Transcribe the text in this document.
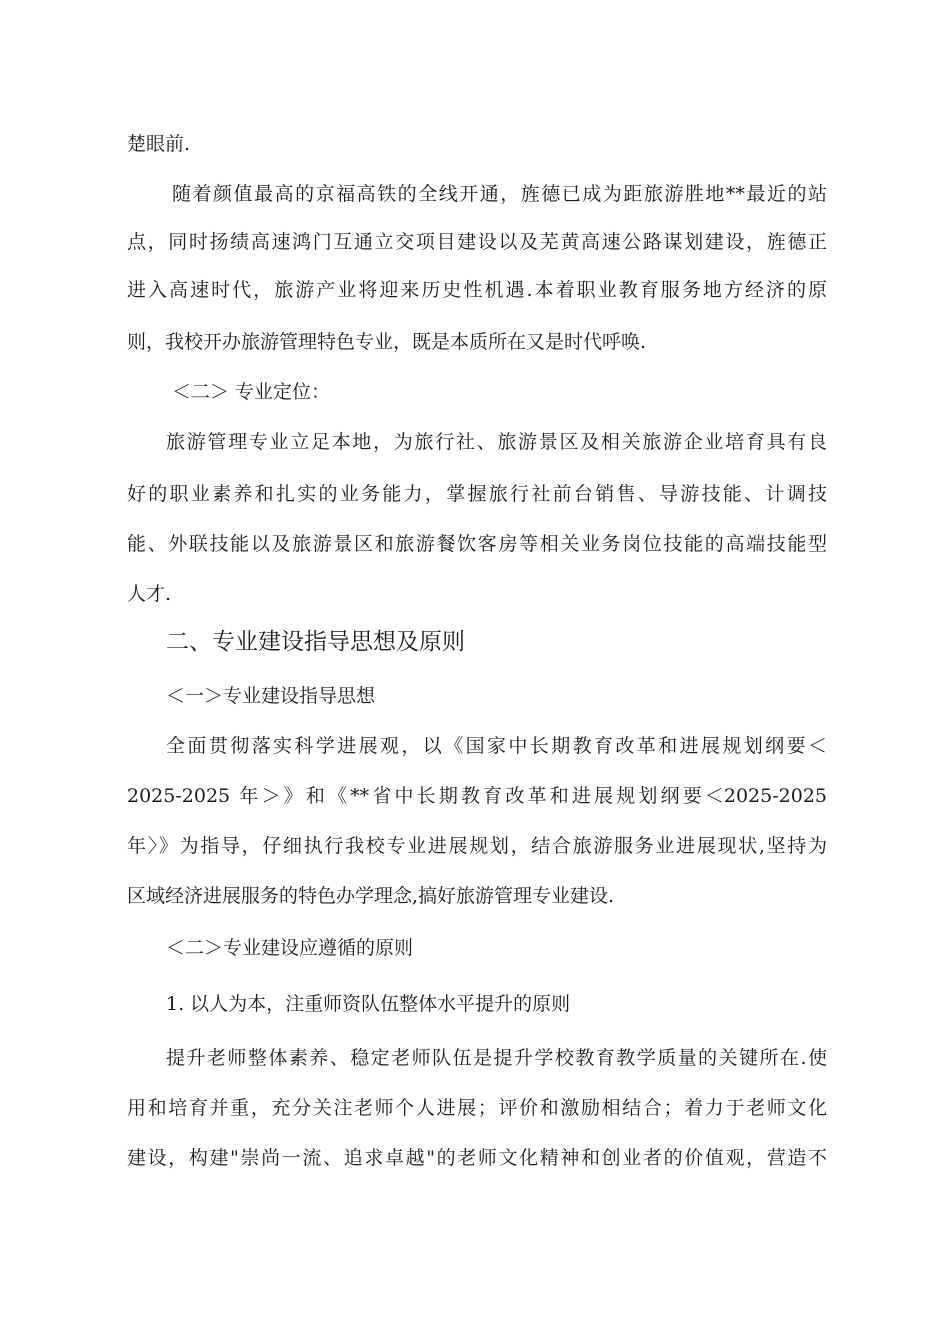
楚眼前.
随着颜值最高的京福高铁的全线开通，旌德已成为距旅游胜地**最近的站
点，同时扬绩高速鸿门互通立交项目建设以及芜黄高速公路谋划建设，旌德正
进入高速时代，旅游产业将迎来历史性机遇.本着职业教育服务地方经济的原
则，我校开办旅游管理特色专业，既是本质所在又是时代呼唤.
＜二＞ 专业定位：
旅游管理专业立足本地，为旅行社、旅游景区及相关旅游企业培育具有良
好的职业素养和扎实的业务能力，掌握旅行社前台销售、导游技能、计调技
能、外联技能以及旅游景区和旅游餐饮客房等相关业务岗位技能的高端技能型
人才.
二、专业建设指导思想及原则
＜一＞专业建设指导思想
全面贯彻落实科学进展观，以《国家中长期教育改革和进展规划纲要＜
2025-2025 年＞》和《**省中长期教育改革和进展规划纲要＜2025-2025
年〉》为指导，仔细执行我校专业进展规划，结合旅游服务业进展现状,坚持为
区域经济进展服务的特色办学理念,搞好旅游管理专业建设.
＜二＞专业建设应遵循的原则
1. 以人为本，注重师资队伍整体水平提升的原则
提升老师整体素养、稳定老师队伍是提升学校教育教学质量的关键所在.使
用和培育并重，充分关注老师个人进展；评价和激励相结合；着力于老师文化
建设，构建"崇尚一流、追求卓越"的老师文化精神和创业者的价值观，营造不
